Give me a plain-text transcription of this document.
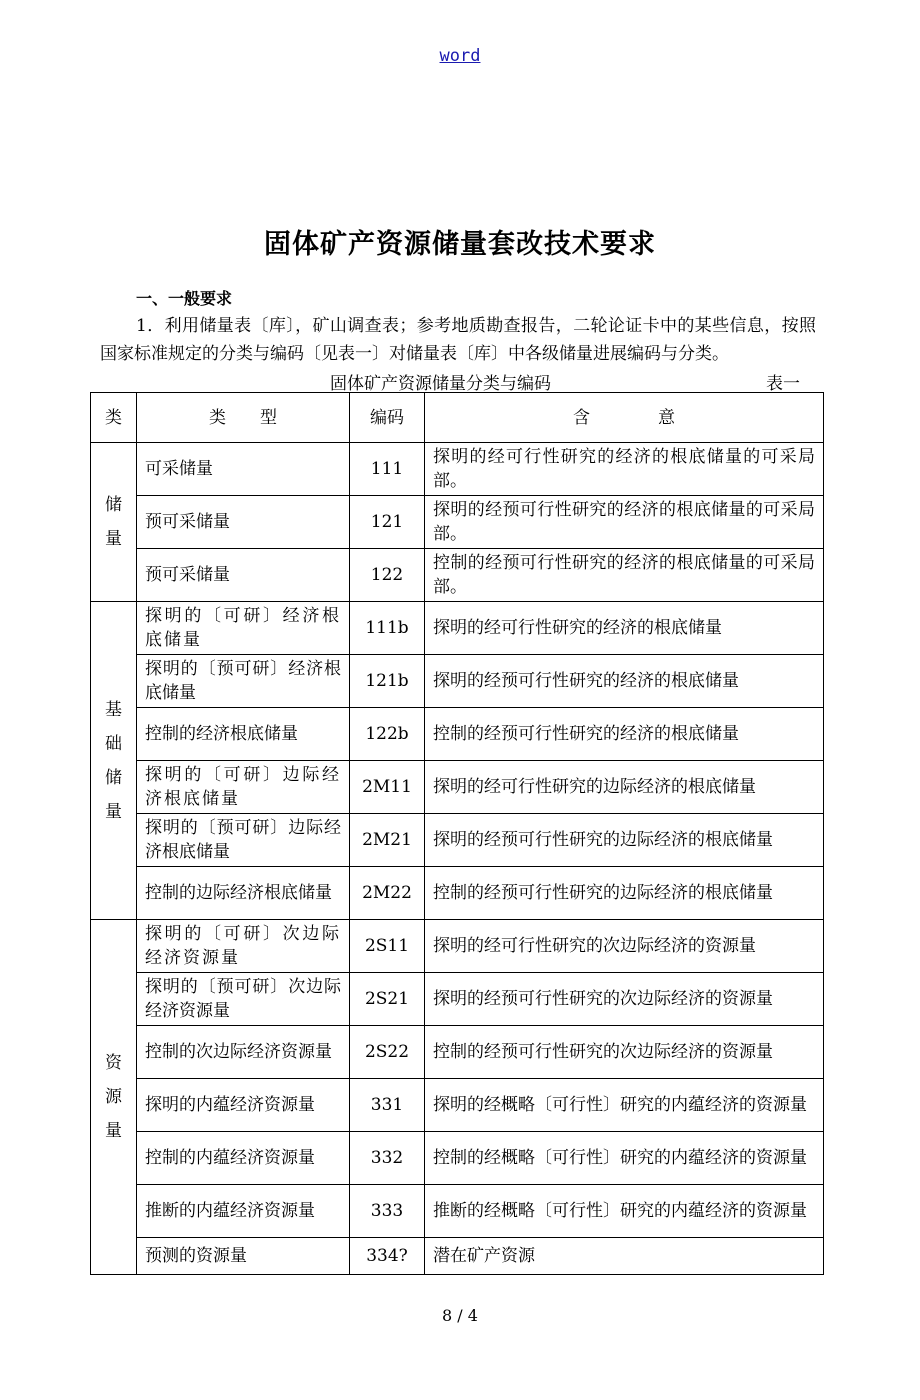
word
固体矿产资源储量套改技术要求
一、一般要求
1．利用储量表〔库〕，矿山调查表；参考地质勘查报告，二轮论证卡中的某些信息，按照国家标准规定的分类与编码〔见表一〕对储量表〔库〕中各级储量进展编码与分类。
固体矿产资源储量分类与编码	表一
类	类　　型	编码	含　　　　意
储
量	可采储量	111	探明的经可行性研究的经济的根底储量的可采局部。
	预可采储量	121	探明的经预可行性研究的经济的根底储量的可采局部。
	预可采储量	122	控制的经预可行性研究的经济的根底储量的可采局部。
基
础
储
量	探明的〔可研〕经济根底储量	111b	探明的经可行性研究的经济的根底储量
	探明的〔预可研〕经济根底储量	121b	探明的经预可行性研究的经济的根底储量
	控制的经济根底储量	122b	控制的经预可行性研究的经济的根底储量
	探明的〔可研〕边际经济根底储量	2M11	探明的经可行性研究的边际经济的根底储量
	探明的〔预可研〕边际经济根底储量	2M21	探明的经预可行性研究的边际经济的根底储量
	控制的边际经济根底储量	2M22	控制的经预可行性研究的边际经济的根底储量
资
源
量	探明的〔可研〕次边际经济资源量	2S11	探明的经可行性研究的次边际经济的资源量
	探明的〔预可研〕次边际经济资源量	2S21	探明的经预可行性研究的次边际经济的资源量
	控制的次边际经济资源量	2S22	控制的经预可行性研究的次边际经济的资源量
	探明的内蕴经济资源量	331	探明的经概略〔可行性〕研究的内蕴经济的资源量
	控制的内蕴经济资源量	332	控制的经概略〔可行性〕研究的内蕴经济的资源量
	推断的内蕴经济资源量	333	推断的经概略〔可行性〕研究的内蕴经济的资源量
	预测的资源量	334?	潜在矿产资源
8 / 4
